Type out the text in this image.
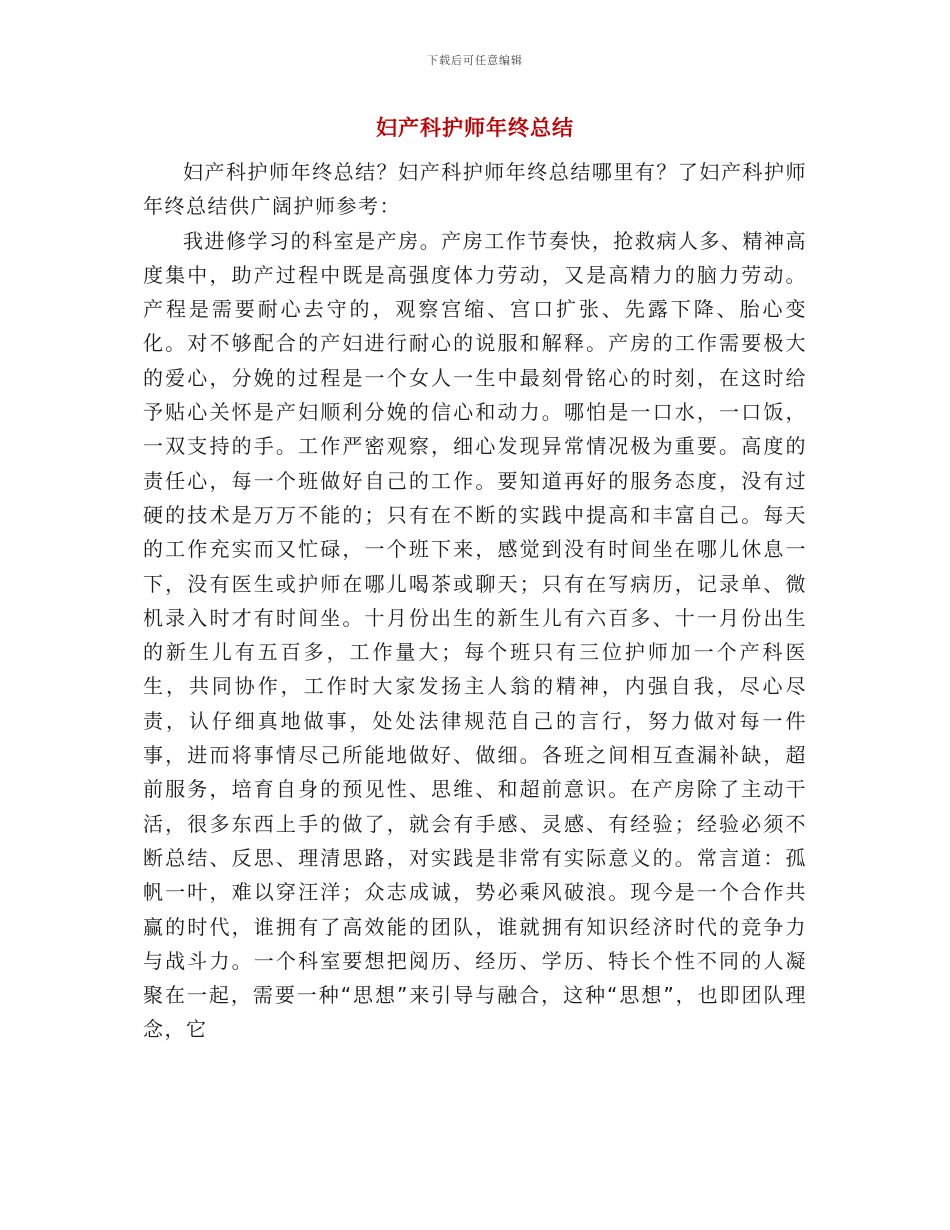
下载后可任意编辑
妇产科护师年终总结

妇产科护师年终总结？妇产科护师年终总结哪里有？了妇产科护师年终总结供广阔护师参考：

我进修学习的科室是产房。产房工作节奏快，抢救病人多、精神高度集中，助产过程中既是高强度体力劳动，又是高精力的脑力劳动。产程是需要耐心去守的，观察宫缩、宫口扩张、先露下降、胎心变化。对不够配合的产妇进行耐心的说服和解释。产房的工作需要极大的爱心，分娩的过程是一个女人一生中最刻骨铭心的时刻，在这时给予贴心关怀是产妇顺利分娩的信心和动力。哪怕是一口水，一口饭，一双支持的手。工作严密观察，细心发现异常情况极为重要。高度的责任心，每一个班做好自己的工作。要知道再好的服务态度，没有过硬的技术是万万不能的；只有在不断的实践中提高和丰富自己。每天的工作充实而又忙碌，一个班下来，感觉到没有时间坐在哪儿休息一下，没有医生或护师在哪儿喝茶或聊天；只有在写病历，记录单、微机录入时才有时间坐。十月份出生的新生儿有六百多、十一月份出生的新生儿有五百多，工作量大；每个班只有三位护师加一个产科医生，共同协作，工作时大家发扬主人翁的精神，内强自我，尽心尽责，认仔细真地做事，处处法律规范自己的言行，努力做对每一件事，进而将事情尽己所能地做好、做细。各班之间相互查漏补缺，超前服务，培育自身的预见性、思维、和超前意识。在产房除了主动干活，很多东西上手的做了，就会有手感、灵感、有经验；经验必须不断总结、反思、理清思路，对实践是非常有实际意义的。常言道：孤帆一叶，难以穿汪洋；众志成诚，势必乘风破浪。现今是一个合作共赢的时代，谁拥有了高效能的团队，谁就拥有知识经济时代的竞争力与战斗力。一个科室要想把阅历、经历、学历、特长个性不同的人凝聚在一起，需要一种“思想”来引导与融合，这种“思想”，也即团队理念，它
